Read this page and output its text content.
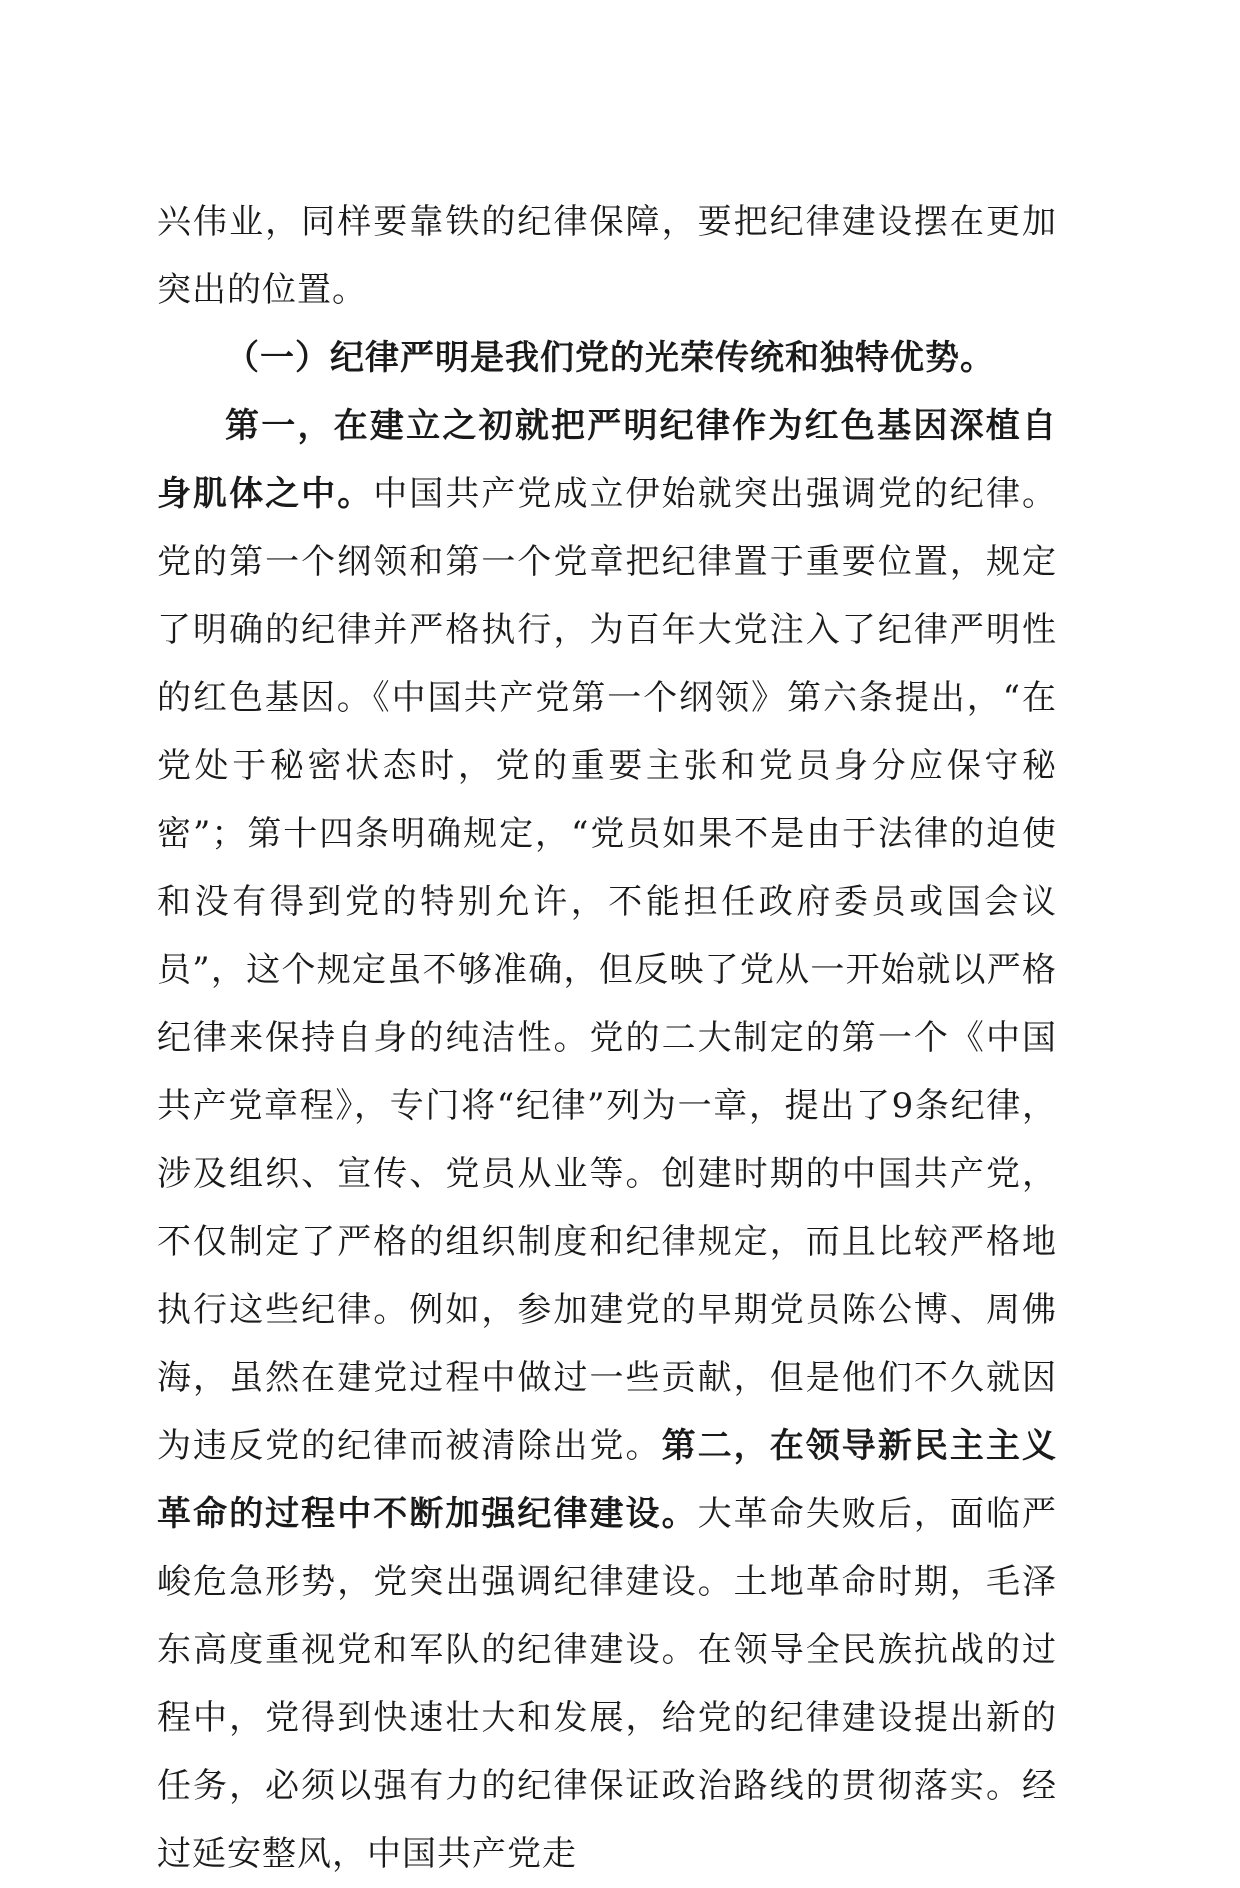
兴伟业，同样要靠铁的纪律保障，要把纪律建设摆在更加突出的位置。

（一）纪律严明是我们党的光荣传统和独特优势。

第一，在建立之初就把严明纪律作为红色基因深植自身肌体之中。中国共产党成立伊始就突出强调党的纪律。党的第一个纲领和第一个党章把纪律置于重要位置，规定了明确的纪律并严格执行，为百年大党注入了纪律严明性的红色基因。《中国共产党第一个纲领》第六条提出，“在党处于秘密状态时，党的重要主张和党员身分应保守秘密”；第十四条明确规定，“党员如果不是由于法律的迫使和没有得到党的特别允许，不能担任政府委员或国会议员”，这个规定虽不够准确，但反映了党从一开始就以严格纪律来保持自身的纯洁性。党的二大制定的第一个《中国共产党章程》，专门将“纪律”列为一章，提出了9条纪律，涉及组织、宣传、党员从业等。创建时期的中国共产党，不仅制定了严格的组织制度和纪律规定，而且比较严格地执行这些纪律。例如，参加建党的早期党员陈公博、周佛海，虽然在建党过程中做过一些贡献，但是他们不久就因为违反党的纪律而被清除出党。第二，在领导新民主主义革命的过程中不断加强纪律建设。大革命失败后，面临严峻危急形势，党突出强调纪律建设。土地革命时期，毛泽东高度重视党和军队的纪律建设。在领导全民族抗战的过程中，党得到快速壮大和发展，给党的纪律建设提出新的任务，必须以强有力的纪律保证政治路线的贯彻落实。经过延安整风，中国共产党走
